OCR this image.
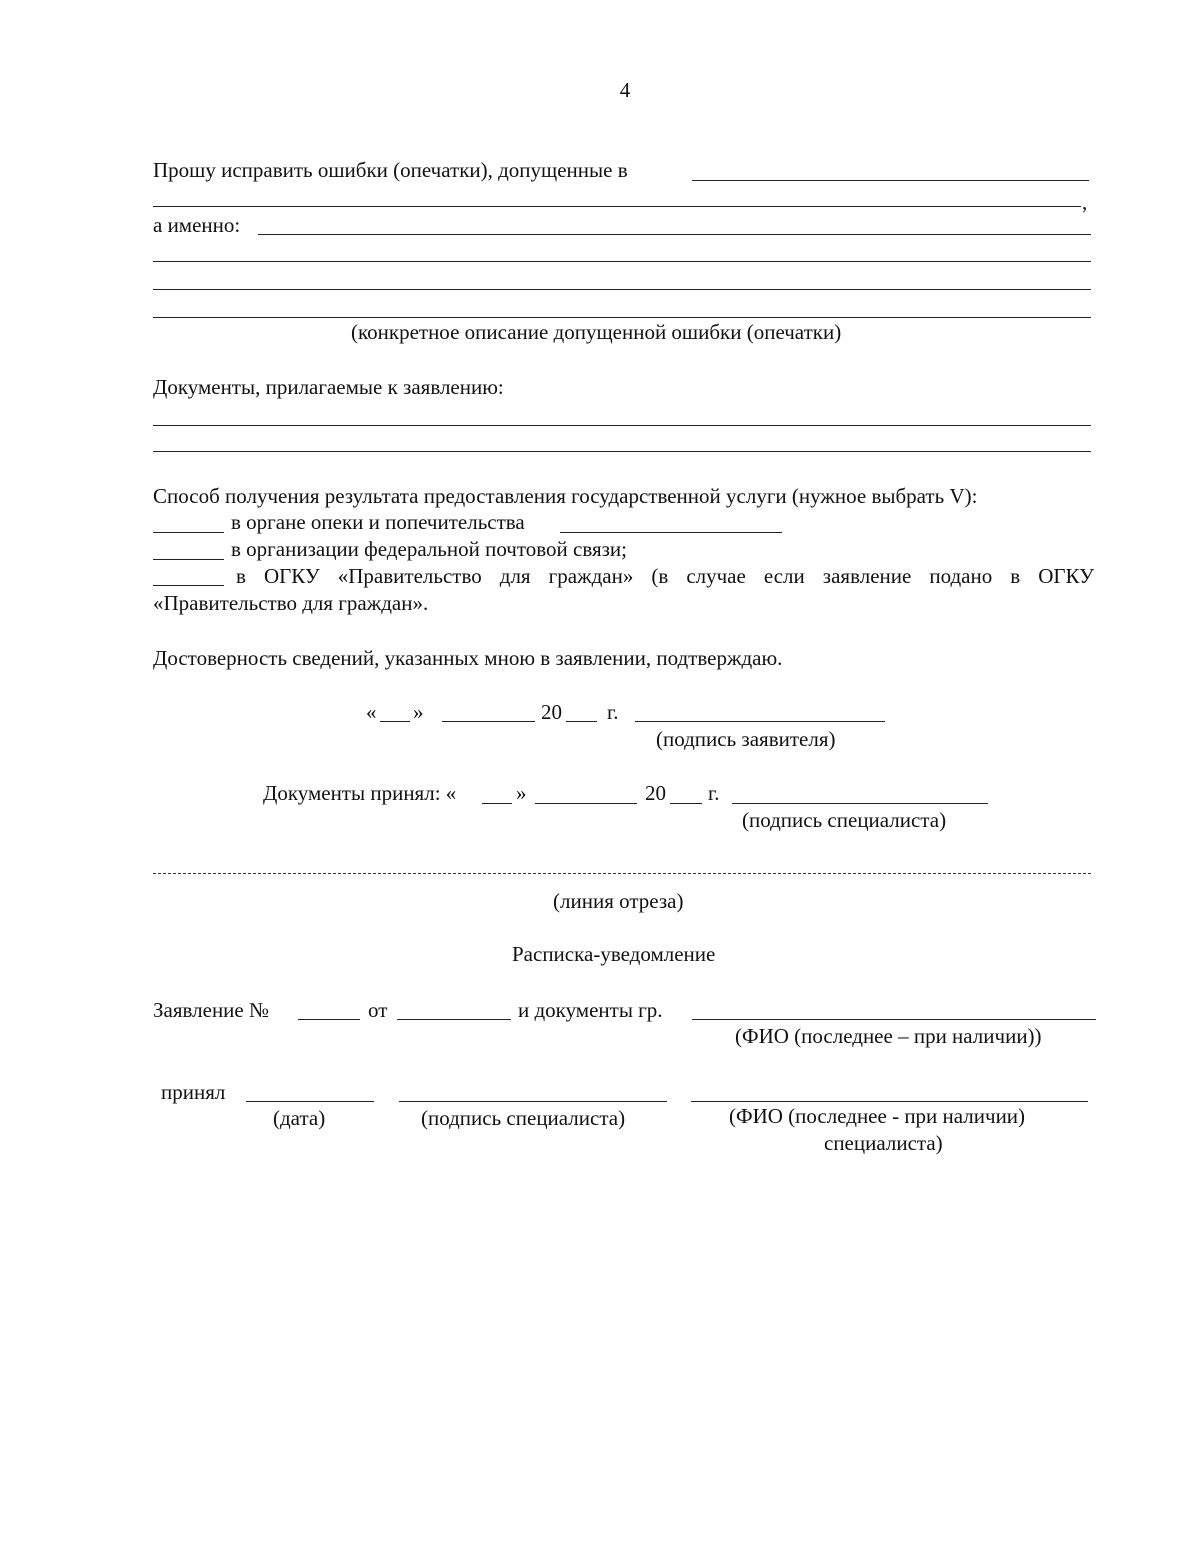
4
Прошу исправить ошибки (опечатки), допущенные в
,
а именно:
(конкретное описание допущенной ошибки (опечатки)
Документы, прилагаемые к заявлению:
Способ получения результата предоставления государственной услуги (нужное выбрать V):
в органе опеки и попечительства
в организации федеральной почтовой связи;
в ОГКУ «Правительство для граждан» (в случае если заявление подано в ОГКУ
«Правительство для граждан».
Достоверность сведений, указанных мною в заявлении, подтверждаю.
« »	20 г.
(подпись заявителя)
Документы принял: «	»	20 г.
(подпись специалиста)
(линия отреза)
Расписка-уведомление
Заявление №	от	и документы гр.
(ФИО (последнее – при наличии))
принял
(дата)	(подпись специалиста)	(ФИО (последнее - при наличии)
специалиста)
